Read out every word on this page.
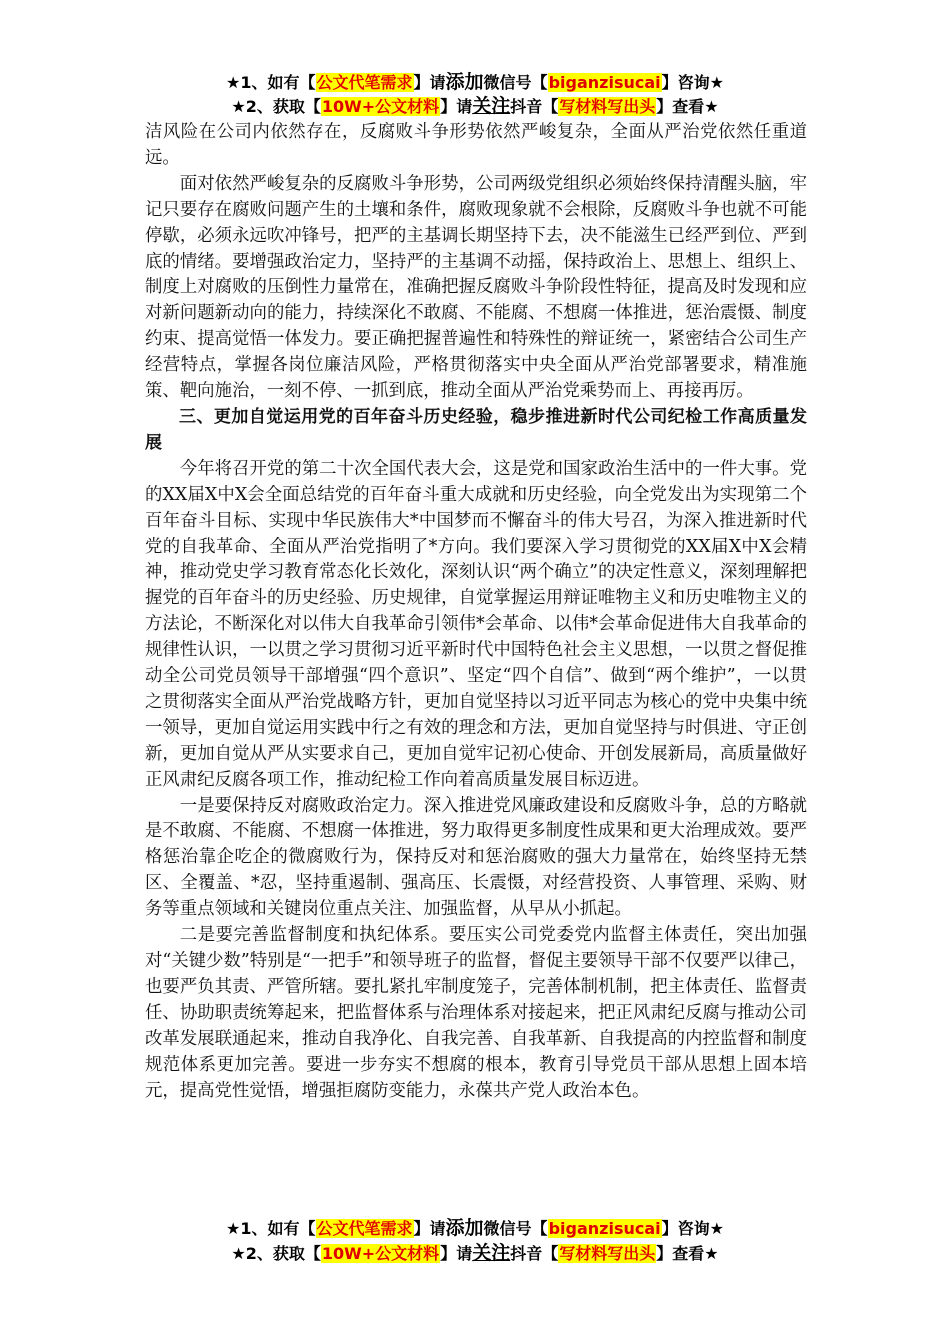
★1、如有【公文代笔需求】请添加微信号【biganzisucai】咨询★
★2、获取【10W+公文材料】请关注抖音【写材料写出头】查看★

洁风险在公司内依然存在，反腐败斗争形势依然严峻复杂，全面从严治党依然任重道远。

面对依然严峻复杂的反腐败斗争形势，公司两级党组织必须始终保持清醒头脑，牢记只要存在腐败问题产生的土壤和条件，腐败现象就不会根除，反腐败斗争也就不可能停歇，必须永远吹冲锋号，把严的主基调长期坚持下去，决不能滋生已经严到位、严到底的情绪。要增强政治定力，坚持严的主基调不动摇，保持政治上、思想上、组织上、制度上对腐败的压倒性力量常在，准确把握反腐败斗争阶段性特征，提高及时发现和应对新问题新动向的能力，持续深化不敢腐、不能腐、不想腐一体推进，惩治震慑、制度约束、提高觉悟一体发力。要正确把握普遍性和特殊性的辩证统一，紧密结合公司生产经营特点，掌握各岗位廉洁风险，严格贯彻落实中央全面从严治党部署要求，精准施策、靶向施治，一刻不停、一抓到底，推动全面从严治党乘势而上、再接再厉。

三、更加自觉运用党的百年奋斗历史经验，稳步推进新时代公司纪检工作高质量发展

今年将召开党的第二十次全国代表大会，这是党和国家政治生活中的一件大事。党的XX届X中X会全面总结党的百年奋斗重大成就和历史经验，向全党发出为实现第二个百年奋斗目标、实现中华民族伟大*中国梦而不懈奋斗的伟大号召，为深入推进新时代党的自我革命、全面从严治党指明了*方向。我们要深入学习贯彻党的XX届X中X会精神，推动党史学习教育常态化长效化，深刻认识“两个确立”的决定性意义，深刻理解把握党的百年奋斗的历史经验、历史规律，自觉掌握运用辩证唯物主义和历史唯物主义的方法论，不断深化对以伟大自我革命引领伟*会革命、以伟*会革命促进伟大自我革命的规律性认识，一以贯之学习贯彻习近平新时代中国特色社会主义思想，一以贯之督促推动全公司党员领导干部增强“四个意识”、坚定“四个自信”、做到“两个维护”，一以贯之贯彻落实全面从严治党战略方针，更加自觉坚持以习近平同志为核心的党中央集中统一领导，更加自觉运用实践中行之有效的理念和方法，更加自觉坚持与时俱进、守正创新，更加自觉从严从实要求自己，更加自觉牢记初心使命、开创发展新局，高质量做好正风肃纪反腐各项工作，推动纪检工作向着高质量发展目标迈进。

一是要保持反对腐败政治定力。深入推进党风廉政建设和反腐败斗争，总的方略就是不敢腐、不能腐、不想腐一体推进，努力取得更多制度性成果和更大治理成效。要严格惩治靠企吃企的微腐败行为，保持反对和惩治腐败的强大力量常在，始终坚持无禁区、全覆盖、*忍，坚持重遏制、强高压、长震慑，对经营投资、人事管理、采购、财务等重点领域和关键岗位重点关注、加强监督，从早从小抓起。

二是要完善监督制度和执纪体系。要压实公司党委党内监督主体责任，突出加强对“关键少数”特别是“一把手”和领导班子的监督，督促主要领导干部不仅要严以律己，也要严负其责、严管所辖。要扎紧扎牢制度笼子，完善体制机制，把主体责任、监督责任、协助职责统筹起来，把监督体系与治理体系对接起来，把正风肃纪反腐与推动公司改革发展联通起来，推动自我净化、自我完善、自我革新、自我提高的内控监督和制度规范体系更加完善。要进一步夯实不想腐的根本，教育引导党员干部从思想上固本培元，提高党性觉悟，增强拒腐防变能力，永葆共产党人政治本色。

★1、如有【公文代笔需求】请添加微信号【biganzisucai】咨询★
★2、获取【10W+公文材料】请关注抖音【写材料写出头】查看★
